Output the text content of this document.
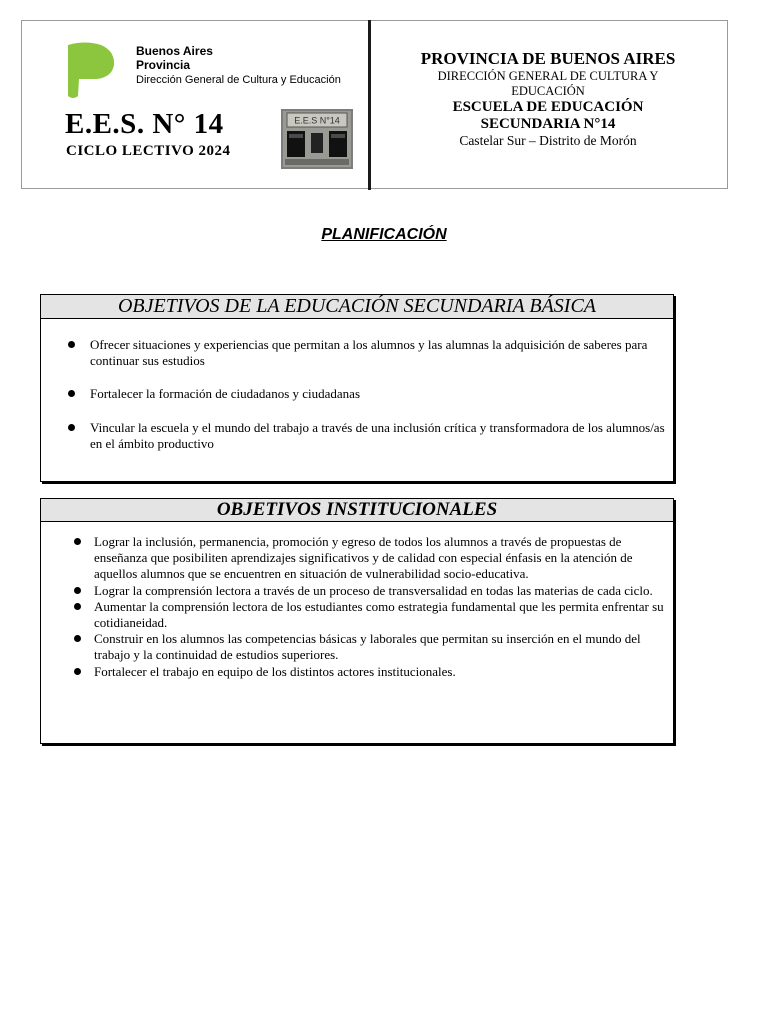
Buenos Aires
Provincia
Dirección General de Cultura y Educación
E.E.S. N° 14
CICLO LECTIVO 2024
E.E.S N°14
PROVINCIA DE BUENOS AIRES
DIRECCIÓN GENERAL DE CULTURA Y
EDUCACIÓN
ESCUELA DE EDUCACIÓN
SECUNDARIA N°14
Castelar Sur – Distrito de Morón
PLANIFICACIÓN
OBJETIVOS DE LA EDUCACIÓN SECUNDARIA BÁSICA
Ofrecer situaciones y experiencias que permitan a los alumnos y las alumnas la adquisición de saberes para continuar sus estudios
Fortalecer la formación de ciudadanos y ciudadanas
Vincular la escuela y el mundo del trabajo a través de una inclusión crítica y transformadora de los alumnos/as en el ámbito productivo
OBJETIVOS INSTITUCIONALES
Lograr la inclusión, permanencia, promoción y egreso de todos los alumnos a través de propuestas de enseñanza que posibiliten aprendizajes significativos y de calidad con especial énfasis en la atención de aquellos alumnos que se encuentren en situación de vulnerabilidad socio-educativa.
Lograr la comprensión lectora a través de un proceso de transversalidad en todas las materias de cada ciclo.
Aumentar la comprensión lectora de los estudiantes como estrategia fundamental que les permita enfrentar su cotidianeidad.
Construir en los alumnos las competencias básicas y laborales que permitan su inserción en el mundo del trabajo y la continuidad de estudios superiores.
Fortalecer el trabajo en equipo de los distintos actores institucionales.
